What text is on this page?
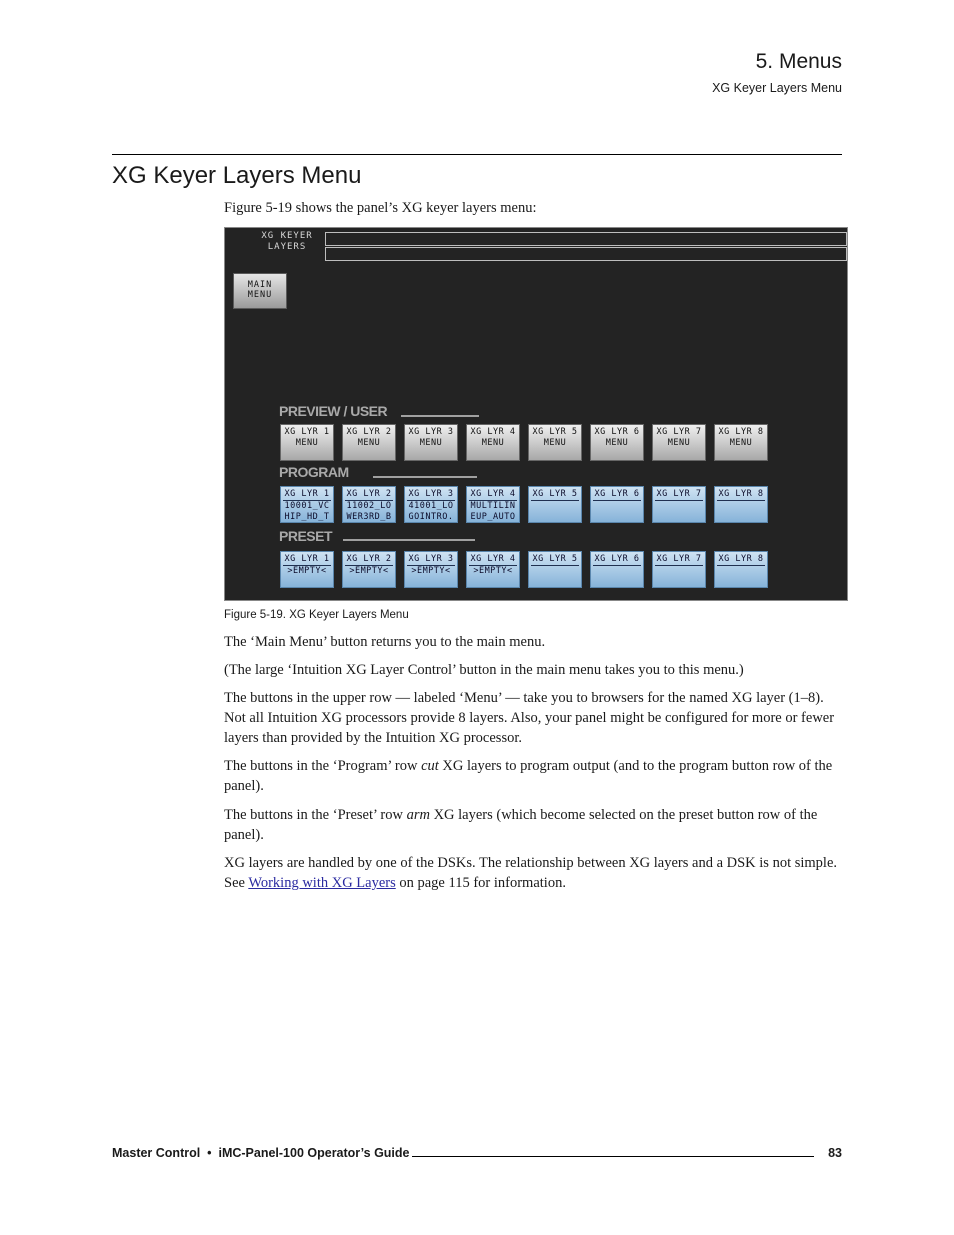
5. Menus
XG Keyer Layers Menu
XG Keyer Layers Menu
Figure 5-19 shows the panel’s XG keyer layers menu:
XG KEYER
LAYERS
MAIN
MENU
PREVIEW / USER
XG LYR 1
MENU
XG LYR 2
MENU
XG LYR 3
MENU
XG LYR 4
MENU
XG LYR 5
MENU
XG LYR 6
MENU
XG LYR 7
MENU
XG LYR 8
MENU
PROGRAM
XG LYR 1
10001_VC
HIP_HD_T
XG LYR 2
11002_LO
WER3RD_B
XG LYR 3
41001_LO
GOINTRO.
XG LYR 4
MULTILIN
EUP_AUTO
XG LYR 5 XG LYR 6 XG LYR 7 XG LYR 8
PRESET
XG LYR 1
>EMPTY<
XG LYR 2
>EMPTY<
XG LYR 3
>EMPTY<
XG LYR 4
>EMPTY<
XG LYR 5 XG LYR 6 XG LYR 7 XG LYR 8
Figure 5-19. XG Keyer Layers Menu
The ‘Main Menu’ button returns you to the main menu.
(The large ‘Intuition XG Layer Control’ button in the main menu takes you to this menu.)
The buttons in the upper row — labeled ‘Menu’ — take you to browsers for the named XG layer (1–8). Not all Intuition XG processors provide 8 layers. Also, your panel might be configured for more or fewer layers than provided by the Intuition XG processor.
The buttons in the ‘Program’ row cut XG layers to program output (and to the program button row of the panel).
The buttons in the ‘Preset’ row arm XG layers (which become selected on the preset button row of the panel).
XG layers are handled by one of the DSKs. The relationship between XG layers and a DSK is not simple. See Working with XG Layers on page 115 for information.
Master Control  •  iMC-Panel-100 Operator’s Guide	83
